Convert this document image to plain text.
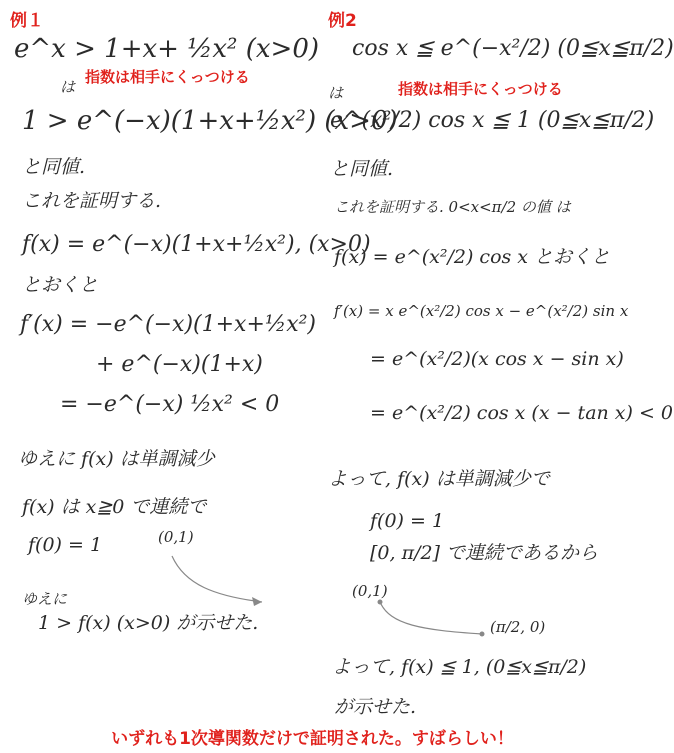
例１
e^x > 1+x+ ½x² (x>0)
は
指数は相手にくっつける
1 > e^(−x)(1+x+½x²) (x>0)
と同値.
これを証明する.
f(x) = e^(−x)(1+x+½x²), (x>0)
とおくと
f′(x) = −e^(−x)(1+x+½x²)
+ e^(−x)(1+x)
= −e^(−x) ½x² < 0
ゆえに f(x) は単調減少
f(x) は x≧0 で連続で
f(0) = 1	(0,1)
ゆえに
1 > f(x) (x>0) が示せた.
例2
cos x ≦ e^(−x²/2) (0≦x≦π/2)
は	指数は相手にくっつける
e^(x²/2) cos x ≦ 1 (0≦x≦π/2)
と同値.
これを証明する. 0<x<π/2 の値 は
f(x) = e^(x²/2) cos x とおくと
f′(x) = x e^(x²/2) cos x − e^(x²/2) sin x
= e^(x²/2)(x cos x − sin x)
= e^(x²/2) cos x (x − tan x) < 0
よって, f(x) は単調減少で
f(0) = 1
[0, π/2] で連続であるから
(0,1)
(π/2, 0)
よって, f(x) ≦ 1, (0≦x≦π/2)
が示せた.
いずれも1次導関数だけで証明された。すばらしい！
